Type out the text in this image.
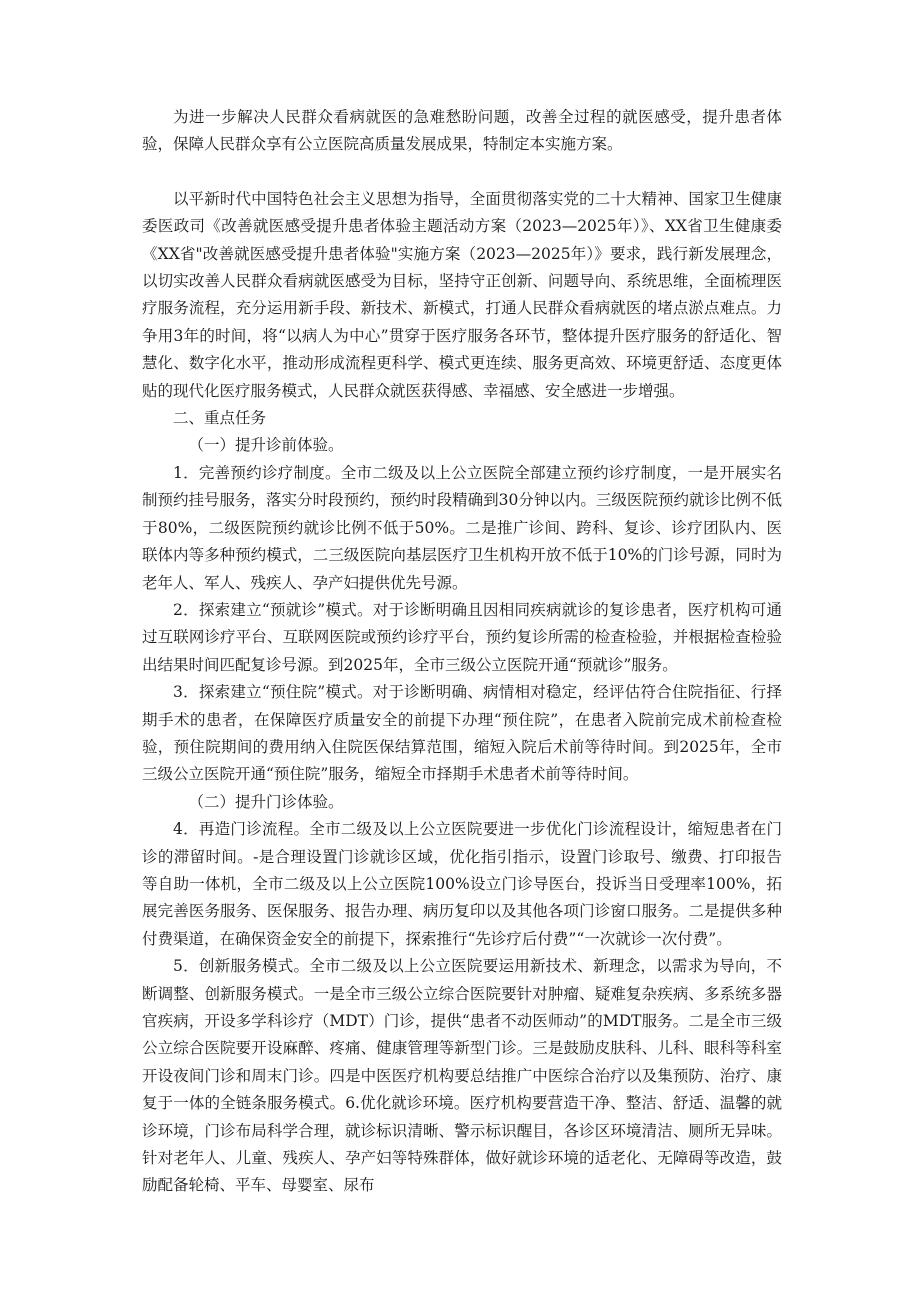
为进一步解决人民群众看病就医的急难愁盼问题，改善全过程的就医感受，提升患者体验，保障人民群众享有公立医院高质量发展成果，特制定本实施方案。

以平新时代中国特色社会主义思想为指导，全面贯彻落实党的二十大精神、国家卫生健康委医政司《改善就医感受提升患者体验主题活动方案（2023—2025年）》、XX省卫生健康委《XX省"改善就医感受提升患者体验"实施方案（2023—2025年）》要求，践行新发展理念，以切实改善人民群众看病就医感受为目标，坚持守正创新、问题导向、系统思维，全面梳理医疗服务流程，充分运用新手段、新技术、新模式，打通人民群众看病就医的堵点淤点难点。力争用3年的时间，将“以病人为中心”贯穿于医疗服务各环节，整体提升医疗服务的舒适化、智慧化、数字化水平，推动形成流程更科学、模式更连续、服务更高效、环境更舒适、态度更体贴的现代化医疗服务模式，人民群众就医获得感、幸福感、安全感进一步增强。

二、重点任务

（一）提升诊前体验。

1．完善预约诊疗制度。全市二级及以上公立医院全部建立预约诊疗制度，一是开展实名制预约挂号服务，落实分时段预约，预约时段精确到30分钟以内。三级医院预约就诊比例不低于80%，二级医院预约就诊比例不低于50%。二是推广诊间、跨科、复诊、诊疗团队内、医联体内等多种预约模式，二三级医院向基层医疗卫生机构开放不低于10%的门诊号源，同时为老年人、军人、残疾人、孕产妇提供优先号源。

2．探索建立“预就诊”模式。对于诊断明确且因相同疾病就诊的复诊患者，医疗机构可通过互联网诊疗平台、互联网医院或预约诊疗平台，预约复诊所需的检查检验，并根据检查检验出结果时间匹配复诊号源。到2025年，全市三级公立医院开通“预就诊”服务。

3．探索建立“预住院”模式。对于诊断明确、病情相对稳定，经评估符合住院指征、行择期手术的患者，在保障医疗质量安全的前提下办理“预住院”，在患者入院前完成术前检查检验，预住院期间的费用纳入住院医保结算范围，缩短入院后术前等待时间。到2025年，全市三级公立医院开通“预住院”服务，缩短全市择期手术患者术前等待时间。

（二）提升门诊体验。

4．再造门诊流程。全市二级及以上公立医院要进一步优化门诊流程设计，缩短患者在门诊的滞留时间。-是合理设置门诊就诊区域，优化指引指示，设置门诊取号、缴费、打印报告等自助一体机，全市二级及以上公立医院100%设立门诊导医台，投诉当日受理率100%，拓展完善医务服务、医保服务、报告办理、病历复印以及其他各项门诊窗口服务。二是提供多种付费渠道，在确保资金安全的前提下，探索推行“先诊疗后付费”“一次就诊一次付费”。

5．创新服务模式。全市二级及以上公立医院要运用新技术、新理念，以需求为导向，不断调整、创新服务模式。一是全市三级公立综合医院要针对肿瘤、疑难复杂疾病、多系统多器官疾病，开设多学科诊疗（MDT）门诊，提供“患者不动医师动”的MDT服务。二是全市三级公立综合医院要开设麻醉、疼痛、健康管理等新型门诊。三是鼓励皮肤科、儿科、眼科等科室开设夜间门诊和周末门诊。四是中医医疗机构要总结推广中医综合治疗以及集预防、治疗、康复于一体的全链条服务模式。6.优化就诊环境。医疗机构要营造干净、整洁、舒适、温馨的就诊环境，门诊布局科学合理，就诊标识清晰、警示标识醒目，各诊区环境清洁、厕所无异味。针对老年人、儿童、残疾人、孕产妇等特殊群体，做好就诊环境的适老化、无障碍等改造，鼓励配备轮椅、平车、母婴室、尿布
